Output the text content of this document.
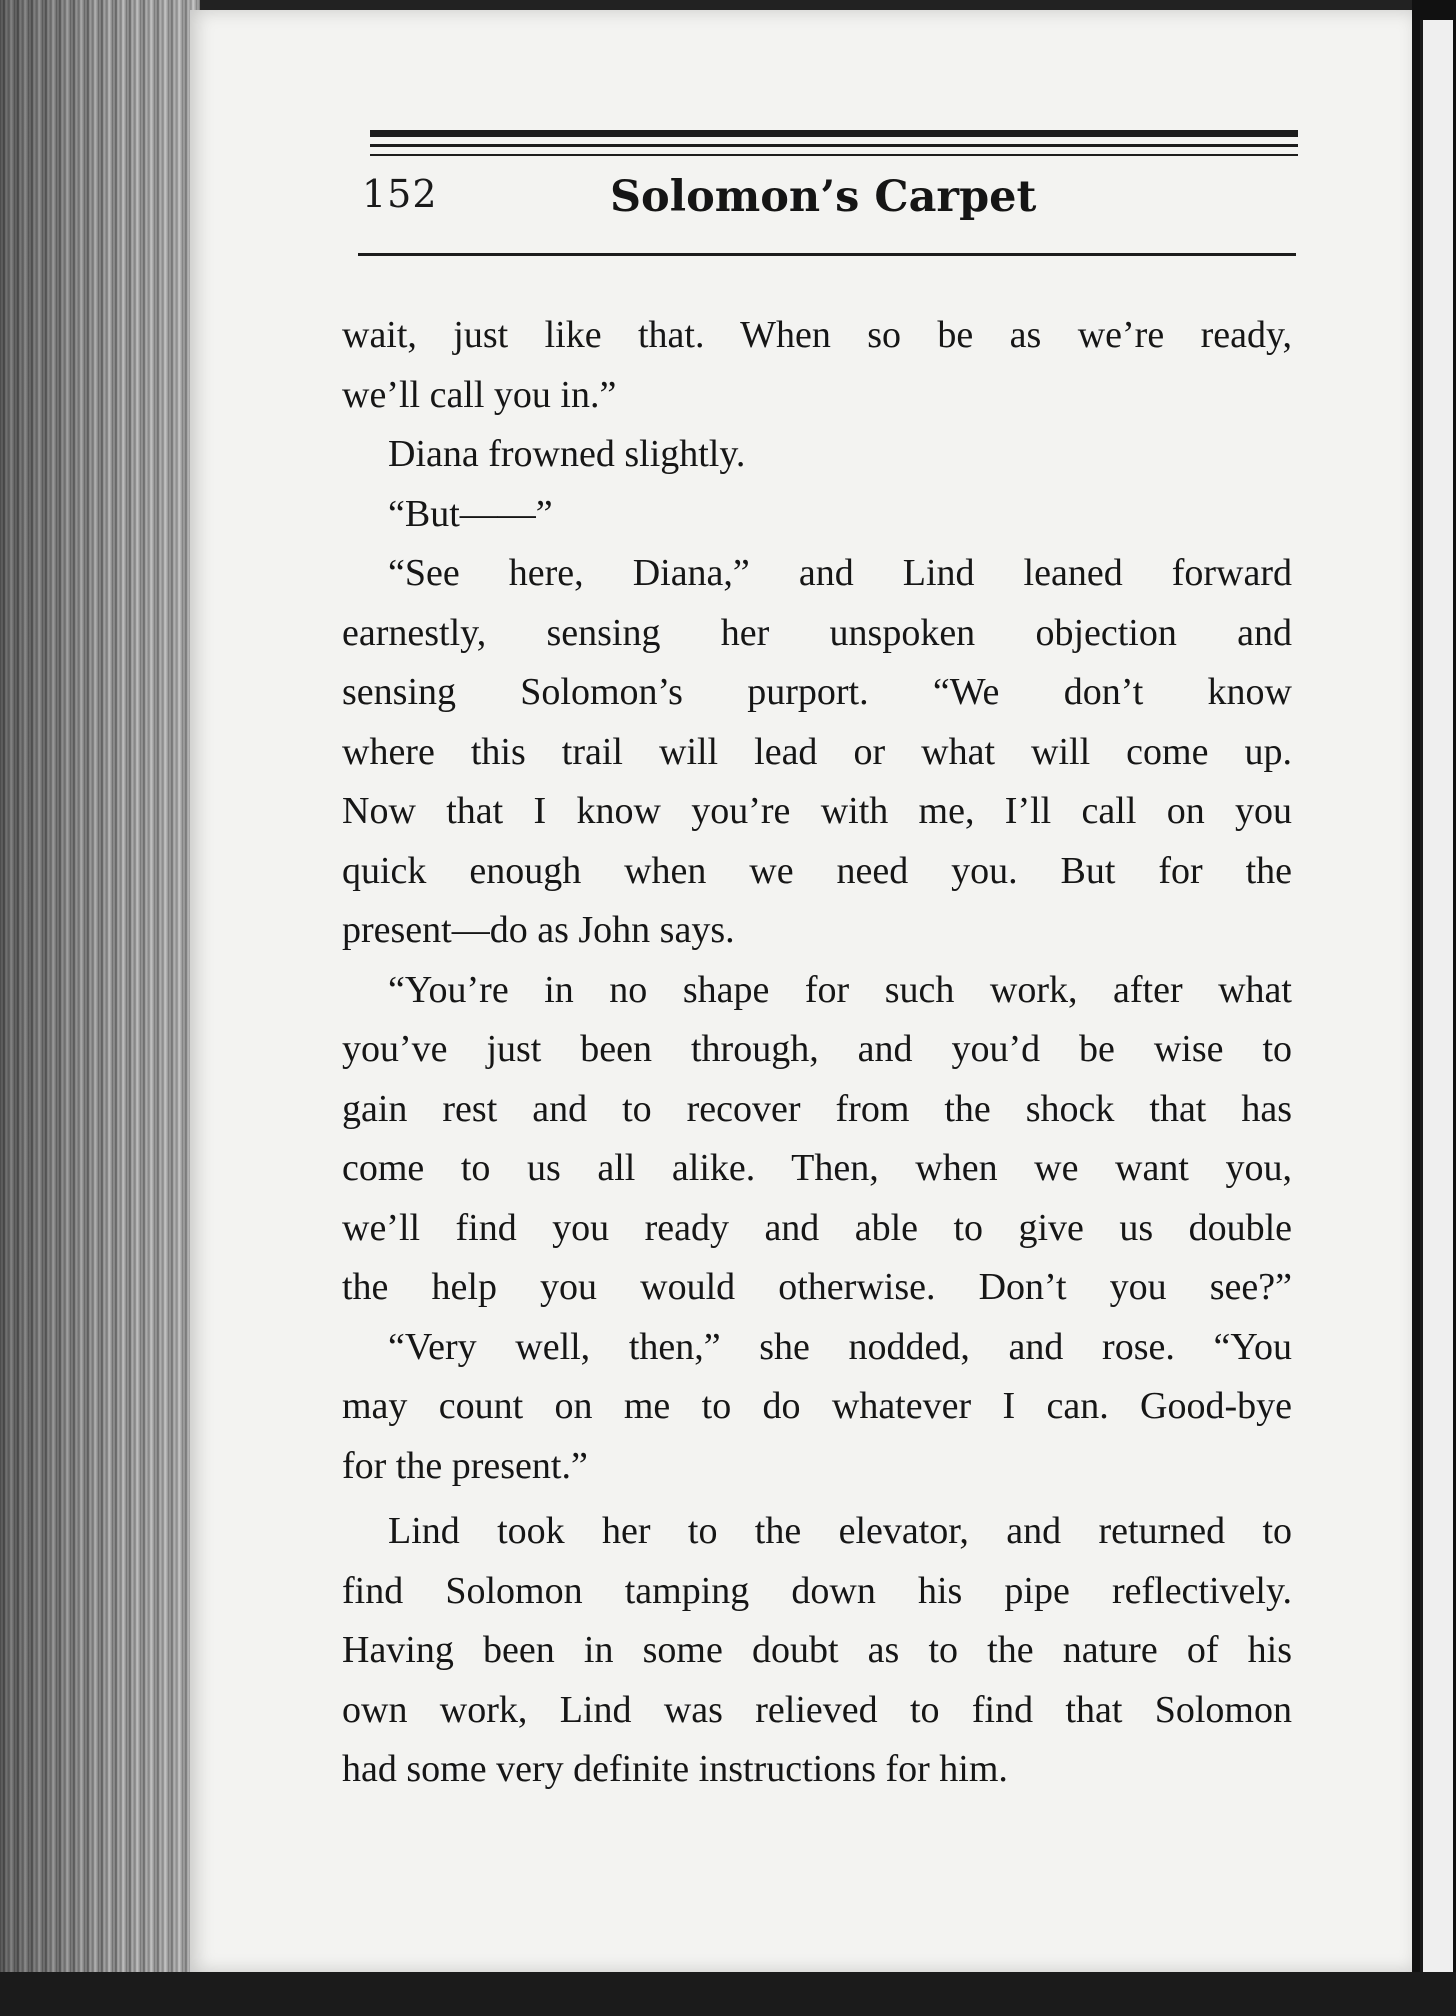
152	Solomon’s Carpet
wait, just like that. When so be as we’re ready,
we’ll call you in.”
Diana frowned slightly.
“But——”
“See here, Diana,” and Lind leaned forward
earnestly, sensing her unspoken objection and
sensing Solomon’s purport. “We don’t know
where this trail will lead or what will come up.
Now that I know you’re with me, I’ll call on you
quick enough when we need you. But for the
present—do as John says.
“You’re in no shape for such work, after what
you’ve just been through, and you’d be wise to
gain rest and to recover from the shock that has
come to us all alike. Then, when we want you,
we’ll find you ready and able to give us double
the help you would otherwise. Don’t you see?”
“Very well, then,” she nodded, and rose. “You
may count on me to do whatever I can. Good-bye
for the present.”
Lind took her to the elevator, and returned to
find Solomon tamping down his pipe reflectively.
Having been in some doubt as to the nature of his
own work, Lind was relieved to find that Solomon
had some very definite instructions for him.
